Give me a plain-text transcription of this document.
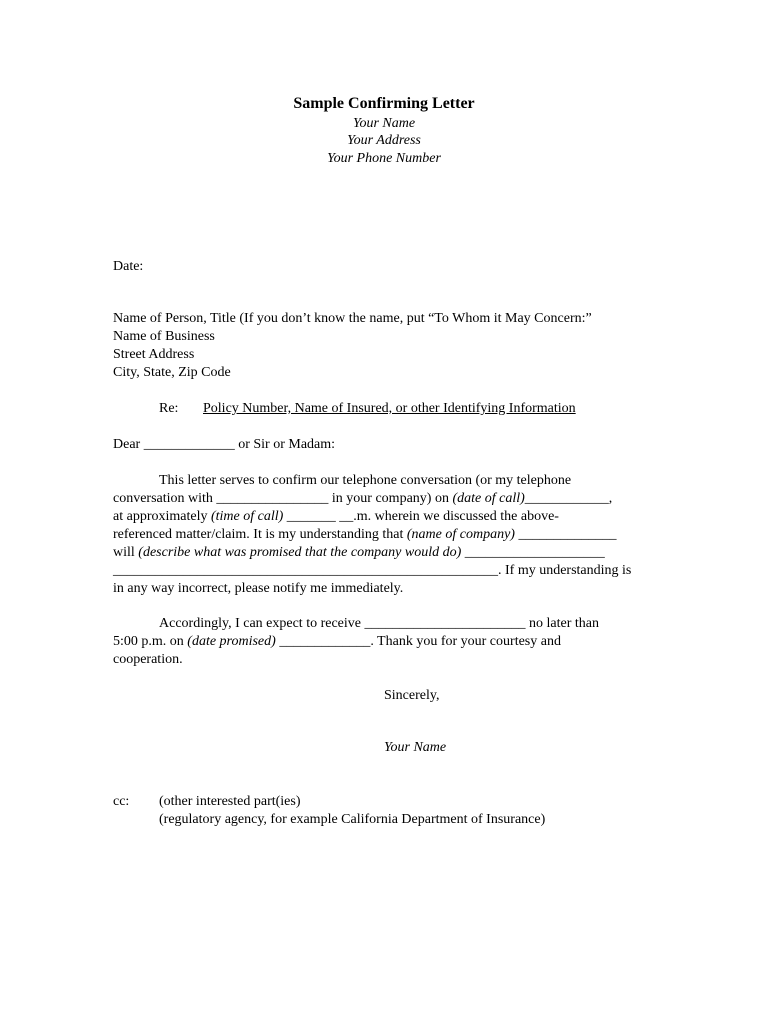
Sample Confirming Letter
Your Name
Your Address
Your Phone Number
Date:
Name of Person, Title (If you don’t know the name, put “To Whom it May Concern:”
Name of Business
Street Address
City, State, Zip Code
Re: Policy Number, Name of Insured, or other Identifying Information
Dear _____________ or Sir or Madam:
This letter serves to confirm our telephone conversation (or my telephone
conversation with ________________ in your company) on (date of call)____________,
at approximately (time of call) _______ __.m. wherein we discussed the above-
referenced matter/claim. It is my understanding that (name of company) ______________
will (describe what was promised that the company would do) ____________________
_______________________________________________________. If my understanding is
in any way incorrect, please notify me immediately.
Accordingly, I can expect to receive _______________________ no later than
5:00 p.m. on (date promised) _____________. Thank you for your courtesy and
cooperation.
Sincerely,
Your Name
cc: (other interested part(ies)
(regulatory agency, for example California Department of Insurance)
